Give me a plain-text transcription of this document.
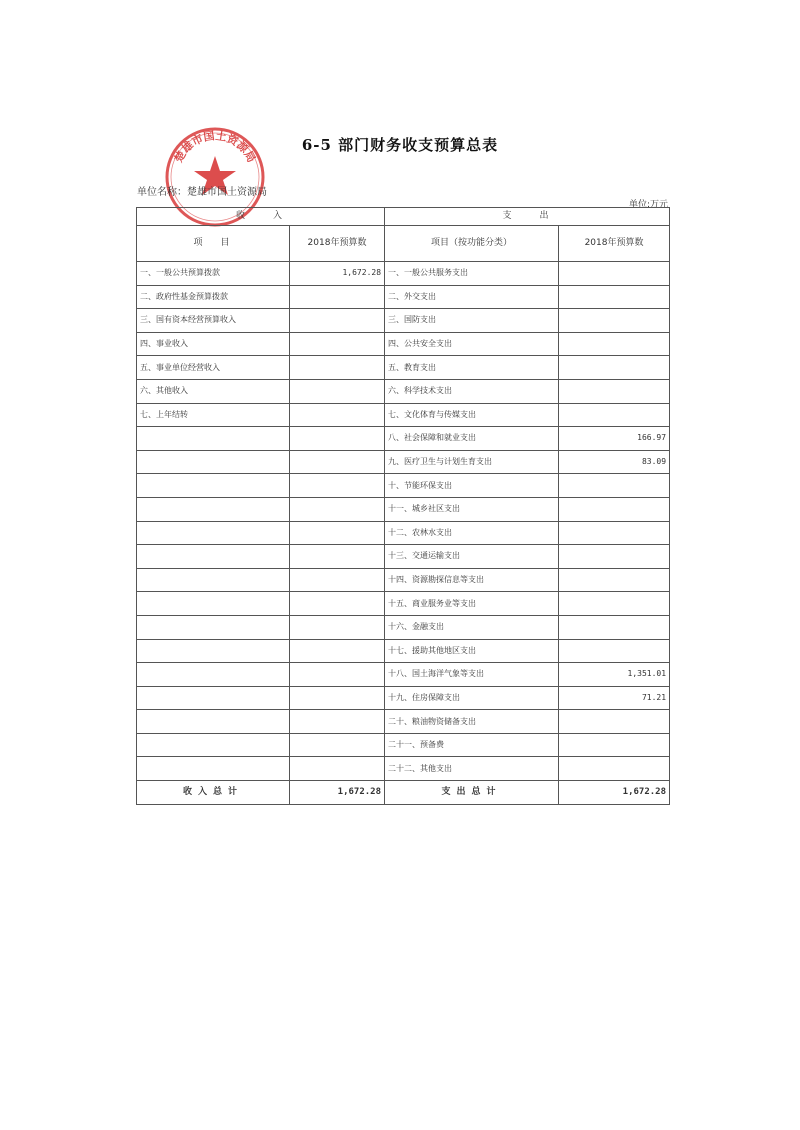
6-5 部门财务收支预算总表
楚雄市国土资源局
单位名称：楚雄市国土资源局
单位:万元
收入		支出	
项目	2018年预算数	项目（按功能分类）	2018年预算数
一、一般公共预算拨款	1,672.28	一、一般公共服务支出	
二、政府性基金预算拨款		二、外交支出	
三、国有资本经营预算收入		三、国防支出	
四、事业收入		四、公共安全支出	
五、事业单位经营收入		五、教育支出	
六、其他收入		六、科学技术支出	
七、上年结转		七、文化体育与传媒支出	
		八、社会保障和就业支出	166.97
		九、医疗卫生与计划生育支出	83.09
		十、节能环保支出	
		十一、城乡社区支出	
		十二、农林水支出	
		十三、交通运输支出	
		十四、资源勘探信息等支出	
		十五、商业服务业等支出	
		十六、金融支出	
		十七、援助其他地区支出	
		十八、国土海洋气象等支出	1,351.01
		十九、住房保障支出	71.21
		二十、粮油物资储备支出	
		二十一、预备费	
		二十二、其他支出	
收入总计	1,672.28	支出总计	1,672.28
